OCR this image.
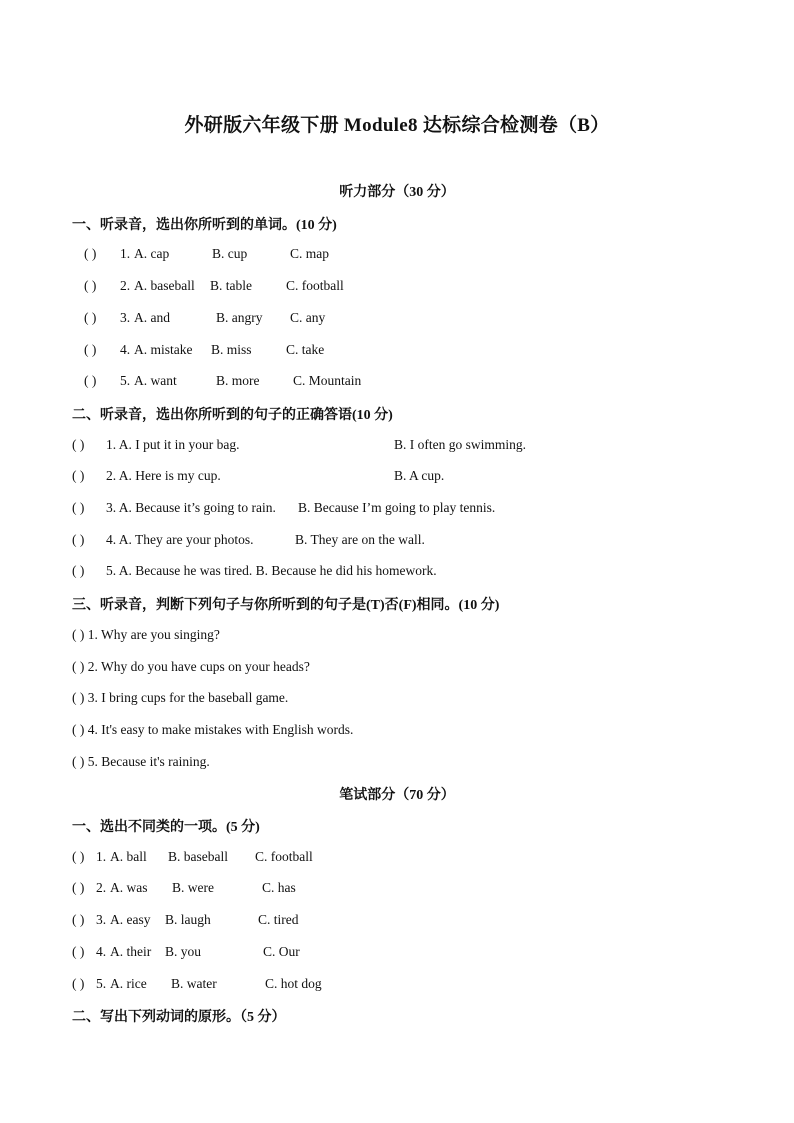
外研版六年级下册 Module8 达标综合检测卷（B）
听力部分（30 分）
一、听录音，选出你所听到的单词。(10 分)
( ) 1. A. cap	B. cup	C. map
( ) 2. A. baseball B. table	C. football
( ) 3. A. and	B. angry C. any
( ) 4. A. mistake B. miss	C. take
( ) 5. A. want	B. more C. Mountain
二、听录音，选出你所听到的句子的正确答语(10 分)
( ) 1. A. I put it in your bag.	B. I often go swimming.
( ) 2. A. Here is my cup.	B. A cup.
( ) 3. A. Because it’s going to rain. B. Because I’m going to play tennis.
( ) 4. A. They are your photos.	B. They are on the wall.
( ) 5. A. Because he was tired. B. Because he did his homework.
三、听录音，判断下列句子与你所听到的句子是(T)否(F)相同。(10 分)
( ) 1. Why are you singing?
( ) 2. Why do you have cups on your heads?
( ) 3. I bring cups for the baseball game.
( ) 4. It's easy to make mistakes with English words.
( ) 5. Because it's raining.
笔试部分（70 分）
一、选出不同类的一项。(5 分)
( ) 1. A. ball B. baseball C. football
( ) 2. A. was B. were	C. has
( ) 3. A. easy B. laugh	C. tired
( ) 4. A. their B. you	C. Our
( ) 5. A. rice B. water	C. hot dog
二、写出下列动词的原形。（5 分）
